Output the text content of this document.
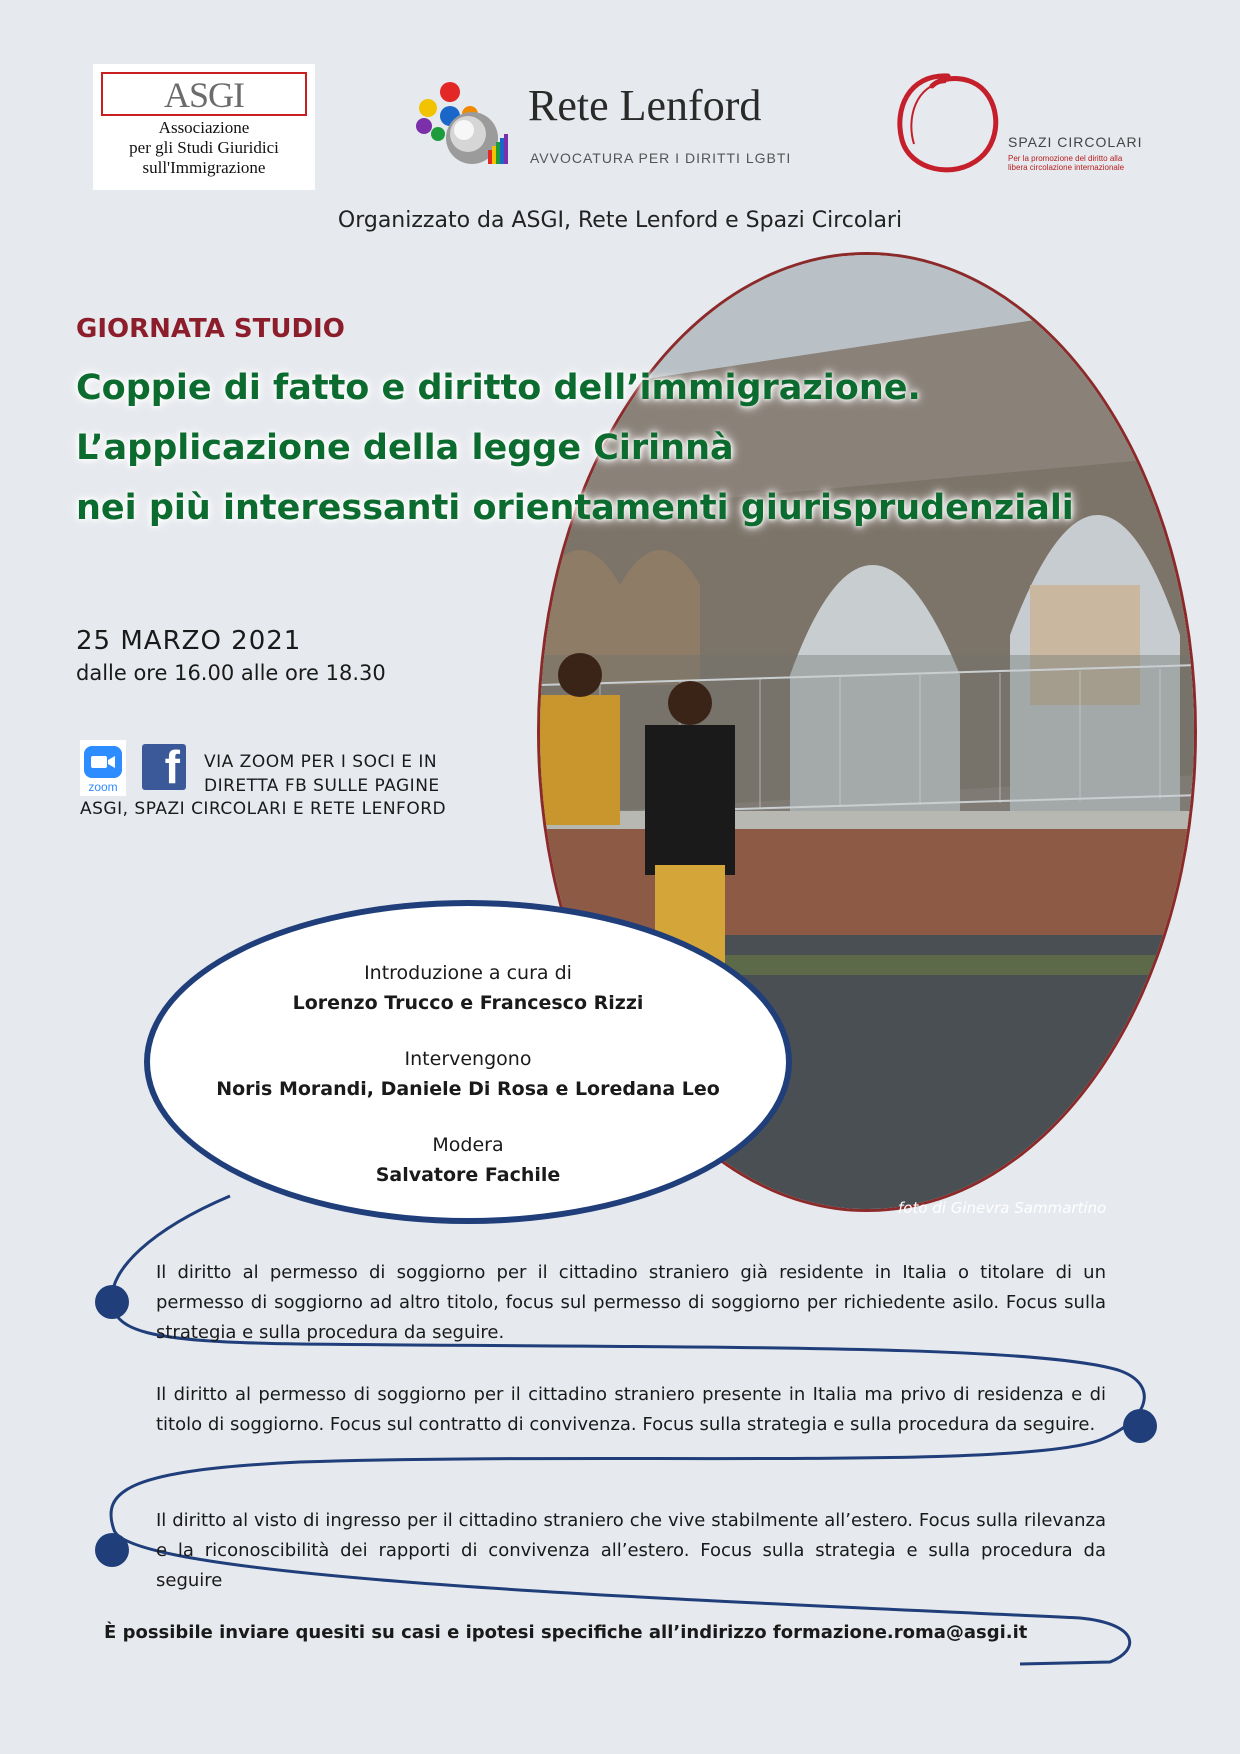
ASGI
Associazione
per gli Studi Giuridici
sull'Immigrazione
Rete Lenford
AVVOCATURA PER I DIRITTI LGBTI
SPAZI CIRCOLARI
Per la promozione del diritto alla libera circolazione internazionale
Organizzato da ASGI, Rete Lenford e Spazi Circolari
foto di Ginevra Sammartino
GIORNATA STUDIO
Coppie di fatto e diritto dell’immigrazione.
L’applicazione della legge Cirinnà
nei più interessanti orientamenti giurisprudenziali
25 MARZO 2021
dalle ore 16.00 alle ore 18.30
zoom f VIA ZOOM PER I SOCI E IN
DIRETTA FB SULLE PAGINE
ASGI, SPAZI CIRCOLARI E RETE LENFORD
Introduzione a cura di
Lorenzo Trucco e Francesco Rizzi
Intervengono
Noris Morandi, Daniele Di Rosa e Loredana Leo
Modera
Salvatore Fachile
Il diritto al permesso di soggiorno per il cittadino straniero già residente in Italia o titolare di un permesso di soggiorno ad altro titolo, focus sul permesso di soggiorno per richiedente asilo. Focus sulla strategia e sulla procedura da seguire.
Il diritto al permesso di soggiorno per il cittadino straniero presente in Italia ma privo di residenza e di titolo di soggiorno. Focus sul contratto di convivenza. Focus sulla strategia e sulla procedura da seguire.
Il diritto al visto di ingresso per il cittadino straniero che vive stabilmente all’estero. Focus sulla rilevanza e la riconoscibilità dei rapporti di convivenza all’estero. Focus sulla strategia e sulla procedura da seguire
È possibile inviare quesiti su casi e ipotesi specifiche all’indirizzo formazione.roma@asgi.it
